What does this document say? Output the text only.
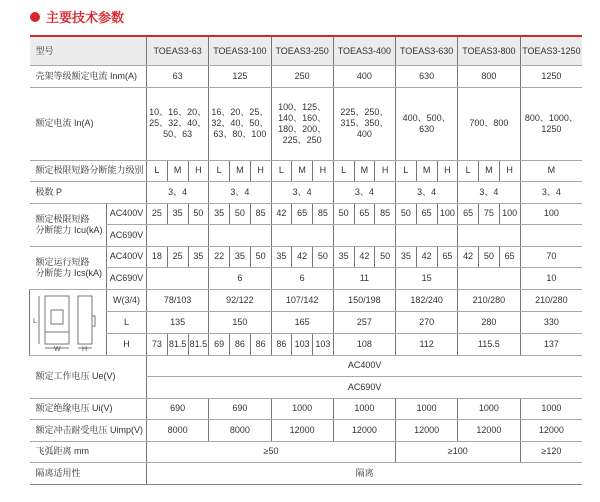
主要技术参数
型号		TOEAS3-63			TOEAS3-100			TOEAS3-250			TOEAS3-400			TOEAS3-630			TOEAS3-800			TOEAS3-1250
壳架等级额定电流 Inm(A)		63			125			250			400			630			800			1250
额定电流 In(A)		10、16、20、
25、32、40、
50、63			16、20、25、
32、40、50、
63、80、100			100、125、
140、160、
180、200、
225、250			225、250、
315、350、
400			400、500、
630			700、800			800、1000、
1250
额定极限短路分断能力级别		L	M	H	L	M	H	L	M	H	L	M	H	L	M	H	L	M	H	M
极数 P		3、4			3、4			3、4			3、4			3、4			3、4			3、4
额定极限短路
分断能力 Icu(kA)	AC400V	25	35	50	35	50	85	42	65	85	50	65	85	50	65	100	65	75	100	100
	AC690V																			
额定运行短路
分断能力 Ics(kA)	AC400V	18	25	35	22	35	50	35	42	50	35	42	50	35	42	65	42	50	65	70
	AC690V				6			6			11			15						10

L
W H	W(3/4)	78/103			92/122			107/142			150/198			182/240			210/280			210/280
	L	135			150			165			257			270			280			330
	H	73	81.5	81.5	69	86	86	86	103	103	108			112			115.5			137
额定工作电压 Ue(V)		AC400V																		
		AC690V																		
额定绝缘电压 Ui(V)		690			690			1000			1000			1000			1000			1000
额定冲击耐受电压 Uimp(V)		8000			8000			12000			12000			12000			12000			12000
飞弧距离 mm		≥50												≥100						≥120
隔离适用性		隔离																		
